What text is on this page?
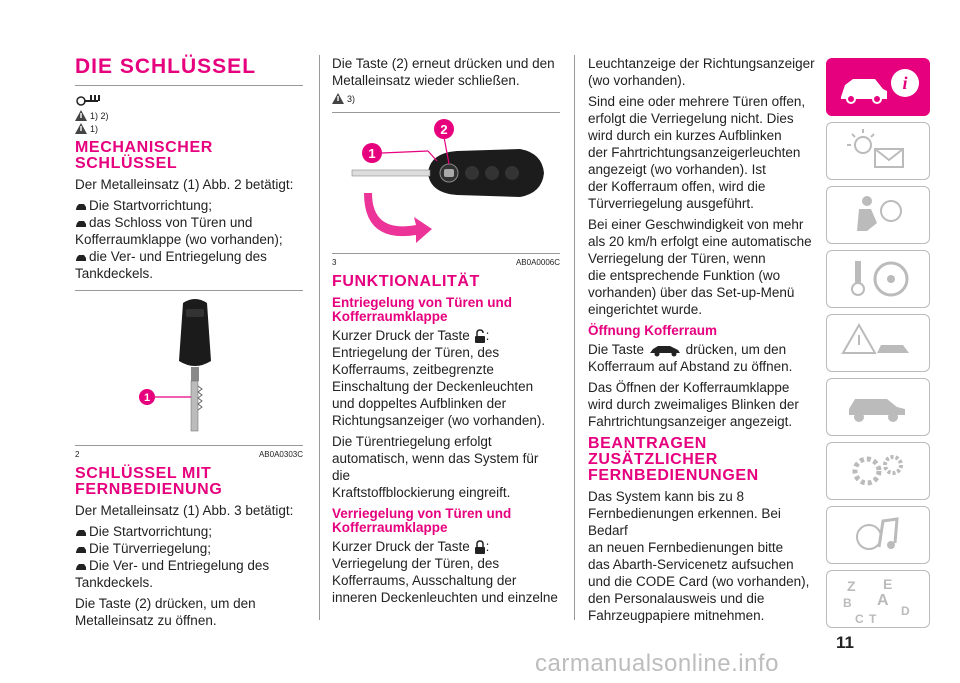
DIE SCHLÜSSEL
1) 2)
1)
MECHANISCHER
SCHLÜSSEL

Der Metalleinsatz (1) Abb. 2 betätigt:

Die Startvorrichtung;
das Schloss von Türen und
Kofferraumklappe (wo vorhanden);
die Ver- und Entriegelung des
Tankdeckels.
1
2	AB0A0303C
SCHLÜSSEL MIT
FERNBEDIENUNG

Der Metalleinsatz (1) Abb. 3 betätigt:

Die Startvorrichtung;
Die Türverriegelung;
Die Ver- und Entriegelung des
Tankdeckels.

Die Taste (2) drücken, um den
Metalleinsatz zu öffnen.

Die Taste (2) erneut drücken und den
Metalleinsatz wieder schließen.

3)
1
2
3	AB0A0006C
FUNKTIONALITÄT
Entriegelung von Türen und
Kofferraumklappe

Kurzer Druck der Taste :

Entriegelung der Türen, des
Kofferraums, zeitbegrenzte
Einschaltung der Deckenleuchten
und doppeltes Aufblinken der
Richtungsanzeiger (wo vorhanden).

Die Türentriegelung erfolgt
automatisch, wenn das System für die
Kraftstoffblockierung eingreift.

Verriegelung von Türen und
Kofferraumklappe

Kurzer Druck der Taste :

Verriegelung der Türen, des
Kofferraums, Ausschaltung der
inneren Deckenleuchten und einzelne

Leuchtanzeige der Richtungsanzeiger
(wo vorhanden).

Sind eine oder mehrere Türen offen,
erfolgt die Verriegelung nicht. Dies
wird durch ein kurzes Aufblinken
der Fahrtrichtungsanzeigerleuchten
angezeigt (wo vorhanden). Ist
der Kofferraum offen, wird die
Türverriegelung ausgeführt.

Bei einer Geschwindigkeit von mehr
als 20 km/h erfolgt eine automatische
Verriegelung der Türen, wenn
die entsprechende Funktion (wo
vorhanden) über das Set-up-Menü
eingerichtet wurde.

Öffnung Kofferraum

Die Taste	drücken, um den

Kofferraum auf Abstand zu öffnen.

Das Öffnen der Kofferraumklappe
wird durch zweimaliges Blinken der
Fahrtrichtungsanzeiger angezeigt.

BEANTRAGEN
ZUSÄTZLICHER
FERNBEDIENUNGEN

Das System kann bis zu 8
Fernbedienungen erkennen. Bei Bedarf
an neuen Fernbedienungen bitte
das Abarth-Servicenetz aufsuchen
und die CODE Card (wo vorhanden),
den Personalausweis und die
Fahrzeugpapiere mitnehmen.

i
Z E
B A
C T
D
11
carmanualsonline.info
